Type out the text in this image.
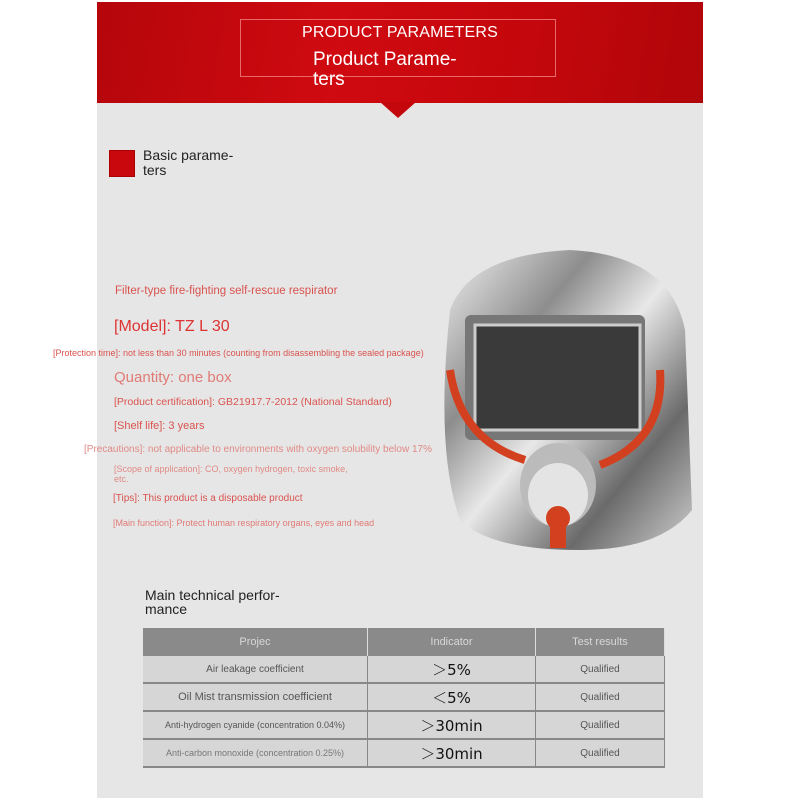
PRODUCT PARAMETERS
Product Parame-
ters
Basic parame-
ters
Filter-type fire-fighting self-rescue respirator
[Model]: TZ L 30
[Protection time]: not less than 30 minutes (counting from disassembling the sealed package)
Quantity: one box
[Product certification]: GB21917.7-2012 (National Standard)
[Shelf life]: 3 years
[Precautions]: not applicable to environments with oxygen solubility below 17%
[Scope of application]: CO, oxygen hydrogen, toxic smoke,
etc.
[Tips]: This product is a disposable product
[Main function]: Protect human respiratory organs, eyes and head
Main technical perfor-
mance
Projec	Indicator	Test results
Air leakage coefficient	＞5%	Qualified
Oil Mist transmission coefficient	＜5%	Qualified
Anti-hydrogen cyanide (concentration 0.04%)	＞30min	Qualified
Anti-carbon monoxide (concentration 0.25%)	＞30min	Qualified
